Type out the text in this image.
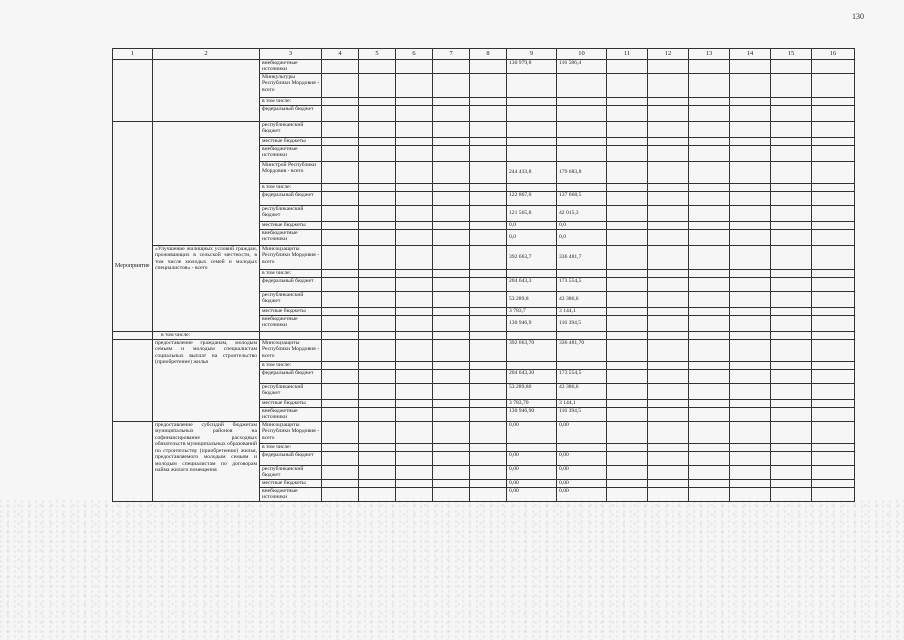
130
1	2	3	4	5	6	7	8	9	10	11	12	13	14	15	16
		внебюджетные источники						130 979,8	116 586,4						
		Минкультуры Республики Мордовия - всего													
		в том числе:													
		федеральный бюджет													
Мероприятие		республиканский бюджет													
		местные бюджеты													
		внебюджетные источники													
		Минстрой Республики Мордовия - всего						244 433,8	179 683,8						
		в том числе:													
		федеральный бюджет						122 867,0	137 668,5						
		республиканский бюджет						121 565,8	42 015,3						
		местные бюджеты						0,0	0,0						
		внебюджетные источники						0,0	0,0						
	«Улучшение жилищных условий граждан, проживающих в сельской местности, в том числе молодых семей и молодых специалистов» - всего	Минсоцзащиты Республики Мордовия - всего						392 663,7	336 481,7						
		в том числе:													
		федеральный бюджет						204 643,3	173 554,5						
		республиканский бюджет						53 289,8	43 386,6						
		местные бюджеты						3 783,7	3 144,1						
		внебюджетные источники						130 946,9	116 394,5						
	в том числе:														
	предоставление гражданам, молодым семьям и молодым специалистам социальных выплат на строительство (приобретение) жилья	Минсоцзащиты Республики Мордовия - всего						392 663,70	336 481,70						
		в том числе:													
		федеральный бюджет						204 643,30	173 554,5						
		республиканский бюджет						53 289,80	43 386,6						
		местные бюджеты						3 783,70	3 144,1						
		внебюджетные источники						130 946,90	116 394,5						
	предоставление субсидий бюджетам муниципальных районов на софинансирование расходных обязательств муниципальных образований по строительству (приобретению) жилья, предоставляемого молодым семьям и молодым специалистам по договорам найма жилого помещения	Минсоцзащиты Республики Мордовия - всего						0,00	0,00						
		в том числе:													
		федеральный бюджет						0,00	0,00						
		республиканский бюджет						0,00	0,00						
		местные бюджеты						0,00	0,00						
		внебюджетные источники						0,00	0,00						
